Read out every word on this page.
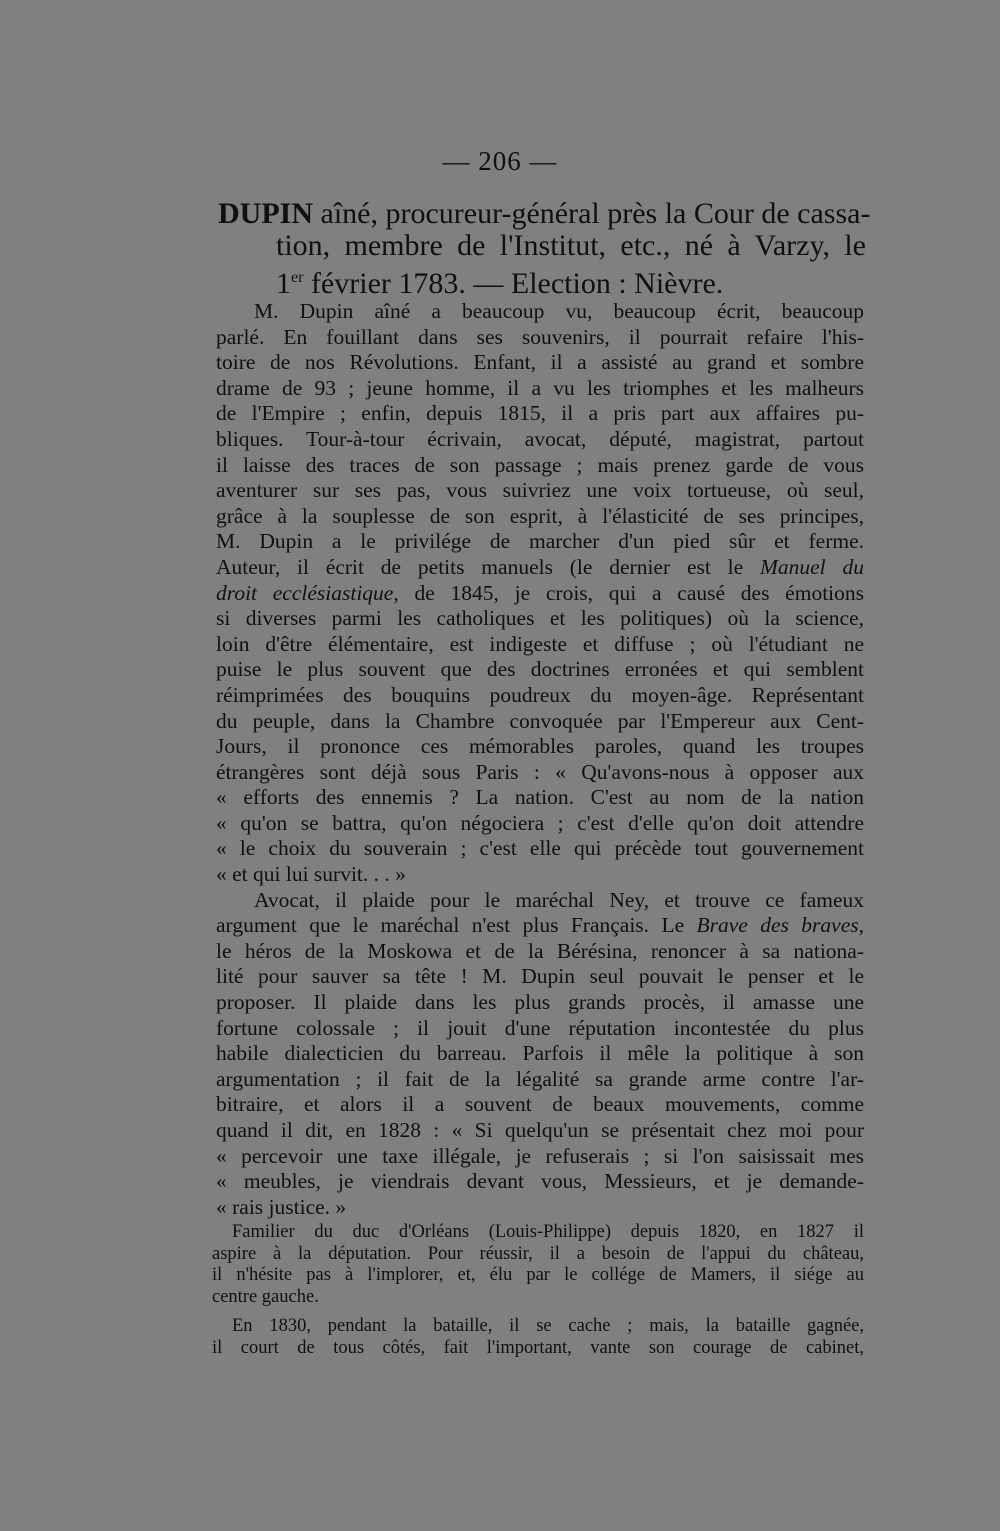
— 206 —
DUPIN aîné, procureur-général près la Cour de cassa-
tion, membre de l'Institut, etc., né à Varzy, le
1er février 1783. — Election : Nièvre.
M. Dupin aîné a beaucoup vu, beaucoup écrit, beaucoup
parlé. En fouillant dans ses souvenirs, il pourrait refaire l'his-
toire de nos Révolutions. Enfant, il a assisté au grand et sombre
drame de 93 ; jeune homme, il a vu les triomphes et les malheurs
de l'Empire ; enfin, depuis 1815, il a pris part aux affaires pu-
bliques. Tour-à-tour écrivain, avocat, député, magistrat, partout
il laisse des traces de son passage ; mais prenez garde de vous
aventurer sur ses pas, vous suivriez une voix tortueuse, où seul,
grâce à la souplesse de son esprit, à l'élasticité de ses principes,
M. Dupin a le privilége de marcher d'un pied sûr et ferme.
Auteur, il écrit de petits manuels (le dernier est le Manuel du
droit ecclésiastique, de 1845, je crois, qui a causé des émotions
si diverses parmi les catholiques et les politiques) où la science,
loin d'être élémentaire, est indigeste et diffuse ; où l'étudiant ne
puise le plus souvent que des doctrines erronées et qui semblent
réimprimées des bouquins poudreux du moyen-âge. Représentant
du peuple, dans la Chambre convoquée par l'Empereur aux Cent-
Jours, il prononce ces mémorables paroles, quand les troupes
étrangères sont déjà sous Paris : « Qu'avons-nous à opposer aux
« efforts des ennemis ? La nation. C'est au nom de la nation
« qu'on se battra, qu'on négociera ; c'est d'elle qu'on doit attendre
« le choix du souverain ; c'est elle qui précède tout gouvernement
« et qui lui survit. . . »
Avocat, il plaide pour le maréchal Ney, et trouve ce fameux
argument que le maréchal n'est plus Français. Le Brave des braves,
le héros de la Moskowa et de la Bérésina, renoncer à sa nationa-
lité pour sauver sa tête ! M. Dupin seul pouvait le penser et le
proposer. Il plaide dans les plus grands procès, il amasse une
fortune colossale ; il jouit d'une réputation incontestée du plus
habile dialecticien du barreau. Parfois il mêle la politique à son
argumentation ; il fait de la légalité sa grande arme contre l'ar-
bitraire, et alors il a souvent de beaux mouvements, comme
quand il dit, en 1828 : « Si quelqu'un se présentait chez moi pour
« percevoir une taxe illégale, je refuserais ; si l'on saisissait mes
« meubles, je viendrais devant vous, Messieurs, et je demande-
« rais justice. »
Familier du duc d'Orléans (Louis-Philippe) depuis 1820, en 1827 il
aspire à la députation. Pour réussir, il a besoin de l'appui du château,
il n'hésite pas à l'implorer, et, élu par le collége de Mamers, il siége au
centre gauche.
En 1830, pendant la bataille, il se cache ; mais, la bataille gagnée,
il court de tous côtés, fait l'important, vante son courage de cabinet,
